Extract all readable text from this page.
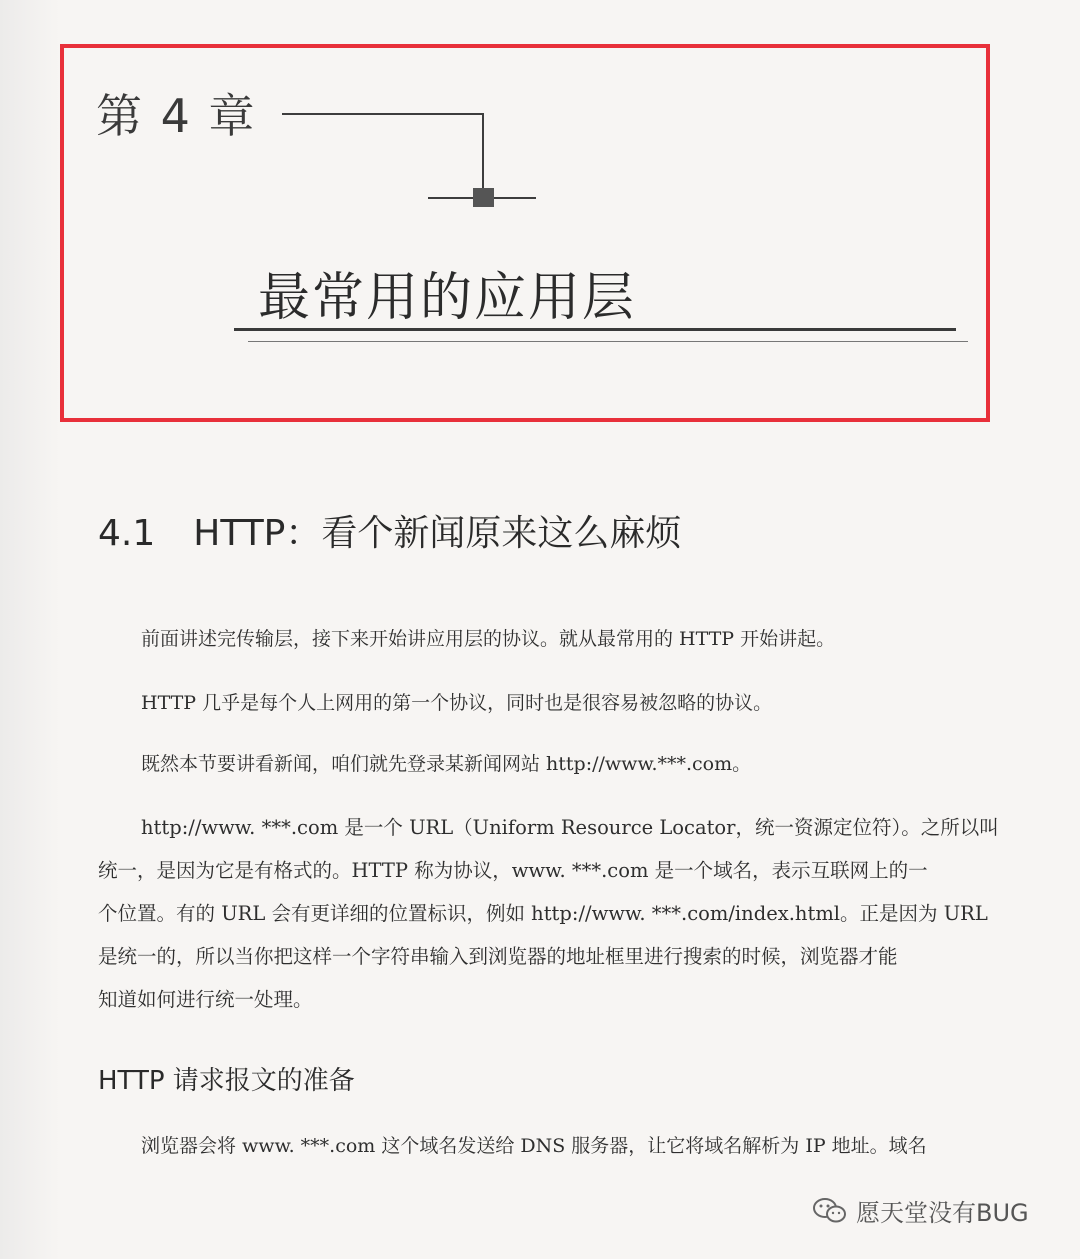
第 4 章
最常用的应用层
4.1 HTTP：看个新闻原来这么麻烦
前面讲述完传输层，接下来开始讲应用层的协议。就从最常用的 HTTP 开始讲起。
HTTP 几乎是每个人上网用的第一个协议，同时也是很容易被忽略的协议。
既然本节要讲看新闻，咱们就先登录某新闻网站 http://www.***.com。
http://www. ***.com 是一个 URL（Uniform Resource Locator，统一资源定位符）。之所以叫
统一，是因为它是有格式的。HTTP 称为协议，www. ***.com 是一个域名，表示互联网上的一
个位置。有的 URL 会有更详细的位置标识，例如 http://www. ***.com/index.html。正是因为 URL
是统一的，所以当你把这样一个字符串输入到浏览器的地址框里进行搜索的时候，浏览器才能
知道如何进行统一处理。
HTTP 请求报文的准备
浏览器会将 www. ***.com 这个域名发送给 DNS 服务器，让它将域名解析为 IP 地址。域名
愿天堂没有BUG
